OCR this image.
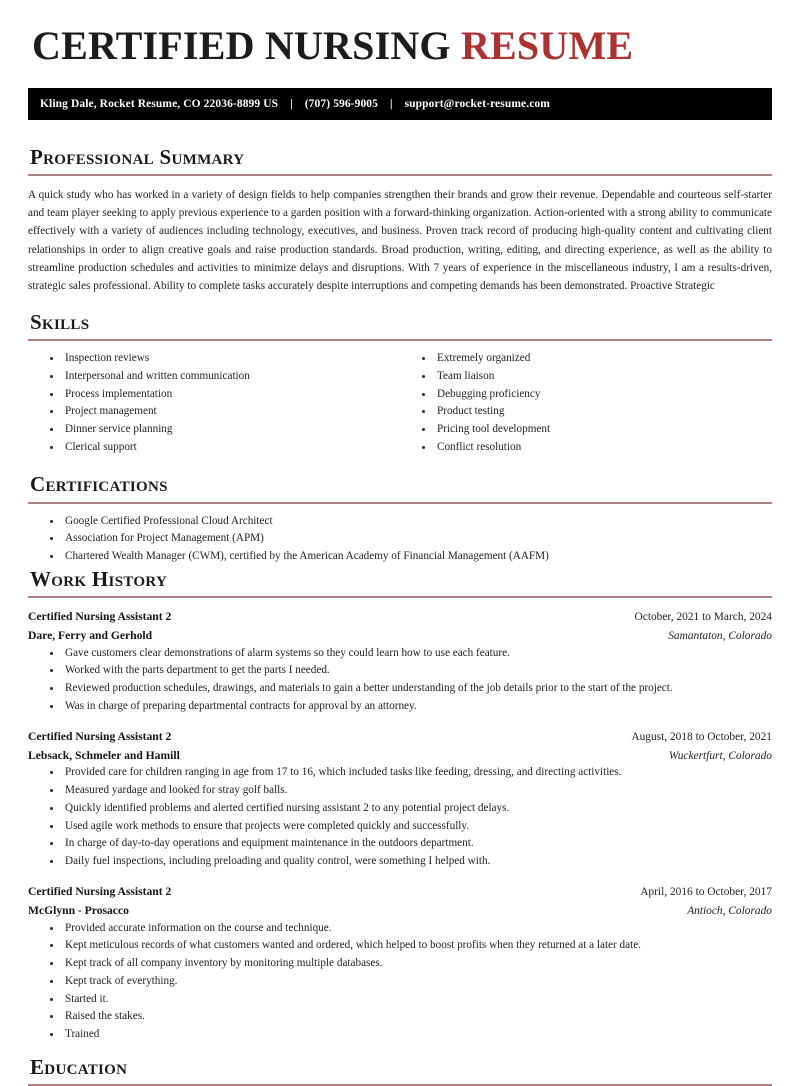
CERTIFIED NURSING RESUME
Kling Dale, Rocket Resume, CO 22036-8899 US | (707) 596-9005 | support@rocket-resume.com
Professional Summary

A quick study who has worked in a variety of design fields to help companies strengthen their brands and grow their revenue. Dependable and courteous self-starter and team player seeking to apply previous experience to a garden position with a forward-thinking organization. Action-oriented with a strong ability to communicate effectively with a variety of audiences including technology, executives, and business. Proven track record of producing high-quality content and cultivating client relationships in order to align creative goals and raise production standards. Broad production, writing, editing, and directing experience, as well as the ability to streamline production schedules and activities to minimize delays and disruptions. With 7 years of experience in the miscellaneous industry, I am a results-driven, strategic sales professional. Ability to complete tasks accurately despite interruptions and competing demands has been demonstrated. Proactive Strategic

Skills
Inspection reviews
Interpersonal and written communication
Process implementation
Project management
Dinner service planning
Clerical support
Extremely organized
Team liaison
Debugging proficiency
Product testing
Pricing tool development
Conflict resolution
Certifications
Google Certified Professional Cloud Architect
Association for Project Management (APM)
Chartered Wealth Manager (CWM), certified by the American Academy of Financial Management (AAFM)
Work History
Certified Nursing Assistant 2	October, 2021 to March, 2024
Dare, Ferry and Gerhold	Samantaton, Colorado
Gave customers clear demonstrations of alarm systems so they could learn how to use each feature.
Worked with the parts department to get the parts I needed.
Reviewed production schedules, drawings, and materials to gain a better understanding of the job details prior to the start of the project.
Was in charge of preparing departmental contracts for approval by an attorney.
Certified Nursing Assistant 2	August, 2018 to October, 2021
Lebsack, Schmeler and Hamill	Wuckertfurt, Colorado
Provided care for children ranging in age from 17 to 16, which included tasks like feeding, dressing, and directing activities.
Measured yardage and looked for stray golf balls.
Quickly identified problems and alerted certified nursing assistant 2 to any potential project delays.
Used agile work methods to ensure that projects were completed quickly and successfully.
In charge of day-to-day operations and equipment maintenance in the outdoors department.
Daily fuel inspections, including preloading and quality control, were something I helped with.
Certified Nursing Assistant 2	April, 2016 to October, 2017
McGlynn - Prosacco	Antioch, Colorado
Provided accurate information on the course and technique.
Kept meticulous records of what customers wanted and ordered, which helped to boost profits when they returned at a later date.
Kept track of all company inventory by monitoring multiple databases.
Kept track of everything.
Started it.
Raised the stakes.
Trained
Education
